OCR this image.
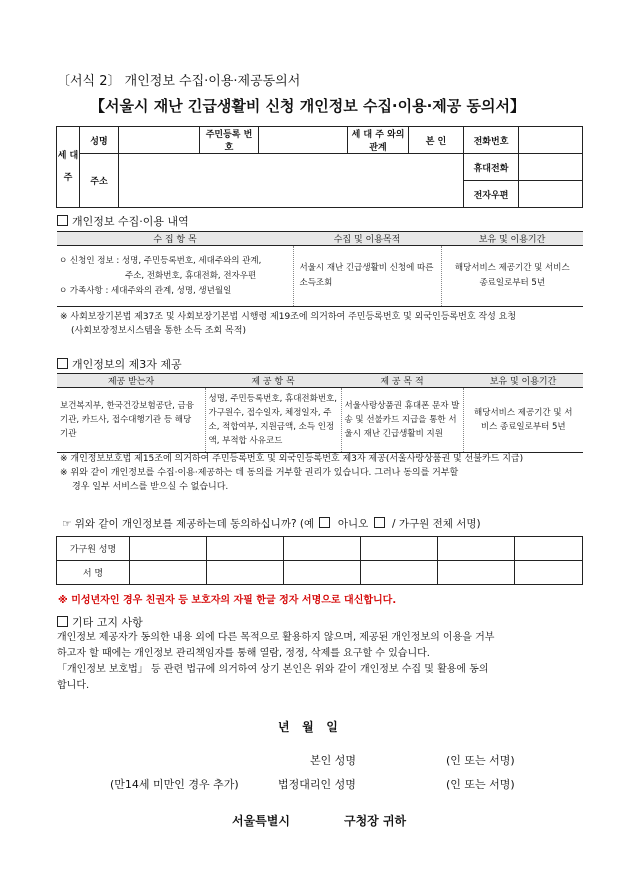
〔서식 2〕 개인정보 수집·이용·제공동의서
【서울시 재난 긴급생활비 신청 개인정보 수집·이용·제공 동의서】
세 대 주	성명		주민등록 번 호		세 대 주 와의관계	본 인	전화번호	
	주소						휴대전화	
							전자우편	
개인정보 수집·이용 내역
수 집 항 목	수집 및 이용목적	보유 및 이용기간

ㅇ 신청인 정보 : 성명, 주민등록번호, 세대주와의 관계,
주소, 전화번호, 휴대전화, 전자우편
ㅇ 가족사항 : 세대주와의 관계, 성명, 생년월일	서울시 재난 긴급생활비 신청에 따른 소득조회	해당서비스 제공기간 및 서비스 종료일로부터 5년
※ 사회보장기본법 제37조 및 사회보장기본법 시행령 제19조에 의거하여 주민등록번호 및 외국인등록번호 작성 요청
(사회보장정보시스템을 통한 소득 조회 목적)
개인정보의 제3자 제공
제공 받는자	제 공 항 목	제 공 목 적	보유 및 이용기간
보건복지부, 한국건강보험공단, 금융기관, 카드사, 접수대행기관 등 해당 기관	성명, 주민등록번호, 휴대전화번호, 가구원수, 접수일자, 체정일자, 주소, 적합여부, 지원금액, 소득 인정액, 부적합 사유코드	서울사랑상품권 휴대폰 문자 발송 및 선불카드 지급을 통한 서울시 재난 긴급생활비 지원	해당서비스 제공기간 및 서비스 종료일로부터 5년
※ 개인정보보호법 제15조에 의거하여 주민등록번호 및 외국인등록번호 제3자 제공(서울사랑상품권 및 선불카드 지급)
※ 위와 같이 개인정보를 수집·이용·제공하는 데 동의를 거부할 권리가 있습니다. 그러나 동의를 거부할
경우 일부 서비스를 받으실 수 없습니다.
☞ 위와 같이 개인정보를 제공하는데 동의하십니까? (예 아니오 / 가구원 전체 서명)
가구원 성명						
서 명						
※ 미성년자인 경우 친권자 등 보호자의 자필 한글 정자 서명으로 대신합니다.
기타 고지 사항
개인정보 제공자가 동의한 내용 외에 다른 목적으로 활용하지 않으며, 제공된 개인정보의 이용을 거부
하고자 할 때에는 개인정보 관리책임자를 통해 열람, 정정, 삭제를 요구할 수 있습니다.
「개인정보 보호법」 등 관련 법규에 의거하여 상기 본인은 위와 같이 개인정보 수집 및 활용에 동의
합니다.
년   월   일
본인 성명	(인 또는 서명)
(만14세 미만인 경우 추가)	법정대리인 성명	(인 또는 서명)
서울특별시	구청장 귀하
